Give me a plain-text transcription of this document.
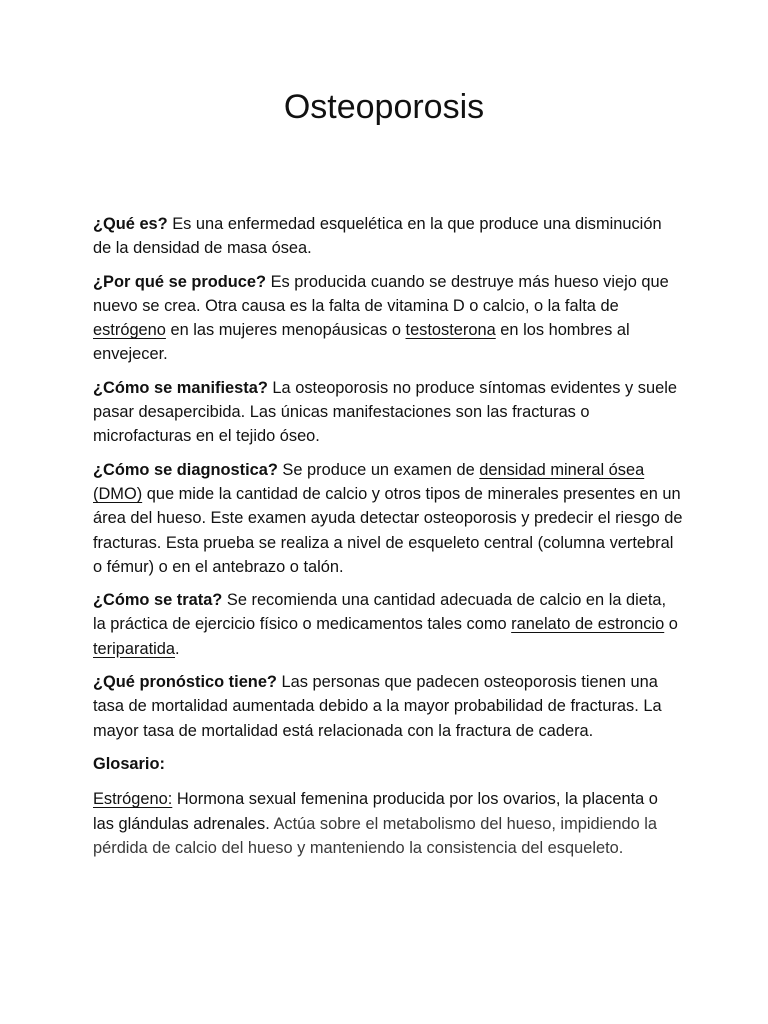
Osteoporosis

¿Qué es? Es una enfermedad esquelética en la que produce una disminución de la densidad de masa ósea.

¿Por qué se produce? Es producida cuando se destruye más hueso viejo que nuevo se crea. Otra causa es la falta de vitamina D o calcio, o la falta de estrógeno en las mujeres menopáusicas o testosterona en los hombres al envejecer.

¿Cómo se manifiesta? La osteoporosis no produce síntomas evidentes y suele pasar desapercibida. Las únicas manifestaciones son las fracturas o microfacturas en el tejido óseo.

¿Cómo se diagnostica? Se produce un examen de densidad mineral ósea (DMO) que mide la cantidad de calcio y otros tipos de minerales presentes en un área del hueso. Este examen ayuda detectar osteoporosis y predecir el riesgo de fracturas. Esta prueba se realiza a nivel de esqueleto central (columna vertebral o fémur) o en el antebrazo o talón.

¿Cómo se trata? Se recomienda una cantidad adecuada de calcio en la dieta, la práctica de ejercicio físico o medicamentos tales como ranelato de estroncio o teriparatida.

¿Qué pronóstico tiene? Las personas que padecen osteoporosis tienen una tasa de mortalidad aumentada debido a la mayor probabilidad de fracturas. La mayor tasa de mortalidad está relacionada con la fractura de cadera.

Glosario:

Estrógeno: Hormona sexual femenina producida por los ovarios, la placenta o las glándulas adrenales. Actúa sobre el metabolismo del hueso, impidiendo la pérdida de calcio del hueso y manteniendo la consistencia del esqueleto.
